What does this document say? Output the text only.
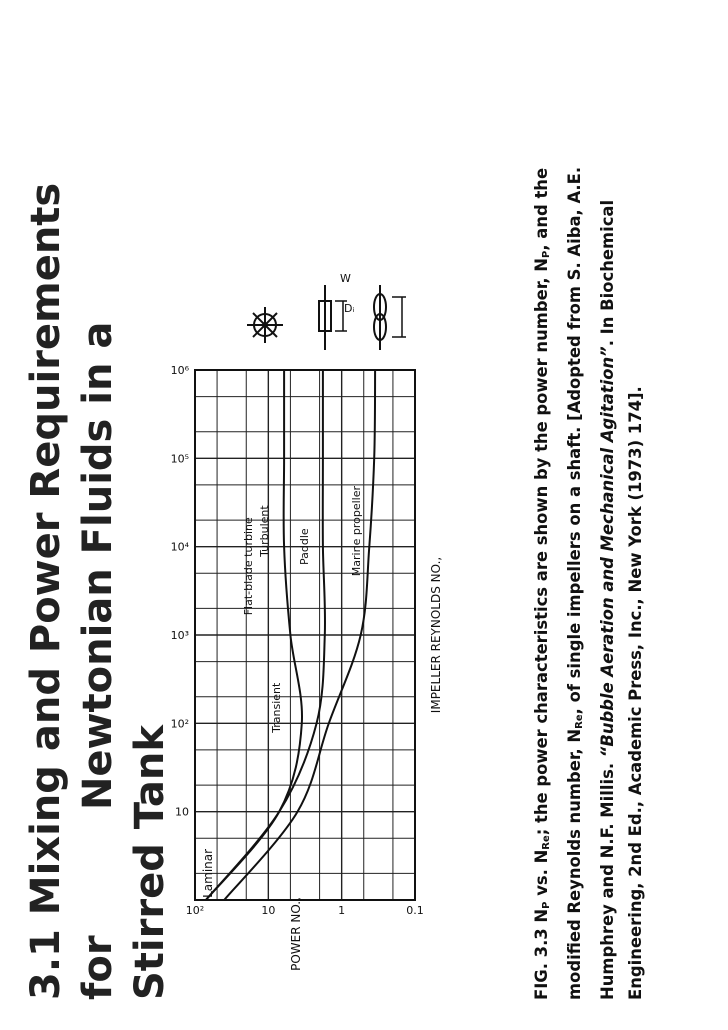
3.1 Mixing and Power Requirements for         Newtonian Fluids in a Stirred Tank 10
10²
10³
10⁴
10⁵
10⁶
10²	10	1	0.1
Laminar
Transient
Turbulent
Flat-blade turbine	Paddle	Marine propeller
IMPELLER REYNOLDS NO.,
POWER NO.,
W
Dᵢ
FIG. 3.3 $N_P$ vs. $N_{Re}$; the power characteristics are shown by the power number, $N_P$, and the modified Reynolds number, $N_{Re}$, of single impellers on a shaft. [Adopted from S. Aiba, A.E. Humphrey and N.F. Millis. “Bubble Aeration and Mechanical Agitation”. In Biochemical Engineering, 2nd Ed., Academic Press, Inc., New York (1973) 174].
